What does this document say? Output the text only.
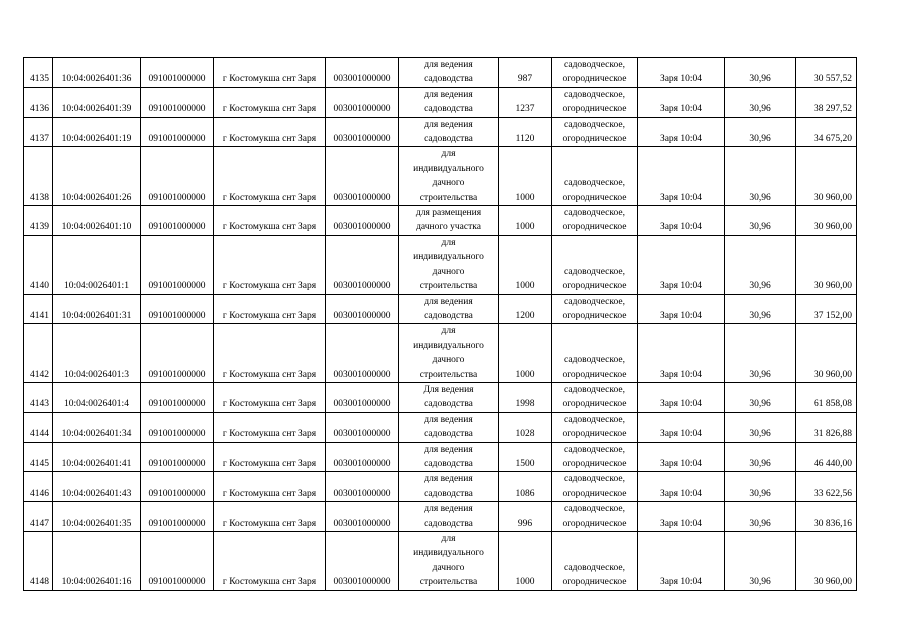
4135	10:04:0026401:36	091001000000	г Костомукша снт Заря	003001000000	для ведения
садоводства	987	садоводческое,
огородническое	Заря 10:04	30,96	30 557,52
4136	10:04:0026401:39	091001000000	г Костомукша снт Заря	003001000000	для ведения
садоводства	1237	садоводческое,
огородническое	Заря 10:04	30,96	38 297,52
4137	10:04:0026401:19	091001000000	г Костомукша снт Заря	003001000000	для ведения
садоводства	1120	садоводческое,
огородническое	Заря 10:04	30,96	34 675,20
4138	10:04:0026401:26	091001000000	г Костомукша снт Заря	003001000000	для
индивидуального
дачного
строительства	1000	садоводческое,
огородническое	Заря 10:04	30,96	30 960,00
4139	10:04:0026401:10	091001000000	г Костомукша снт Заря	003001000000	для размещения
дачного участка	1000	садоводческое,
огородническое	Заря 10:04	30,96	30 960,00
4140	10:04:0026401:1	091001000000	г Костомукша снт Заря	003001000000	для
индивидуального
дачного
строительства	1000	садоводческое,
огородническое	Заря 10:04	30,96	30 960,00
4141	10:04:0026401:31	091001000000	г Костомукша снт Заря	003001000000	для ведения
садоводства	1200	садоводческое,
огородническое	Заря 10:04	30,96	37 152,00
4142	10:04:0026401:3	091001000000	г Костомукша снт Заря	003001000000	для
индивидуального
дачного
строительства	1000	садоводческое,
огородническое	Заря 10:04	30,96	30 960,00
4143	10:04:0026401:4	091001000000	г Костомукша снт Заря	003001000000	Для ведения
садоводства	1998	садоводческое,
огородническое	Заря 10:04	30,96	61 858,08
4144	10:04:0026401:34	091001000000	г Костомукша снт Заря	003001000000	для ведения
садоводства	1028	садоводческое,
огородническое	Заря 10:04	30,96	31 826,88
4145	10:04:0026401:41	091001000000	г Костомукша снт Заря	003001000000	для ведения
садоводства	1500	садоводческое,
огородническое	Заря 10:04	30,96	46 440,00
4146	10:04:0026401:43	091001000000	г Костомукша снт Заря	003001000000	для ведения
садоводства	1086	садоводческое,
огородническое	Заря 10:04	30,96	33 622,56
4147	10:04:0026401:35	091001000000	г Костомукша снт Заря	003001000000	для ведения
садоводства	996	садоводческое,
огородническое	Заря 10:04	30,96	30 836,16
4148	10:04:0026401:16	091001000000	г Костомукша снт Заря	003001000000	для
индивидуального
дачного
строительства	1000	садоводческое,
огородническое	Заря 10:04	30,96	30 960,00
